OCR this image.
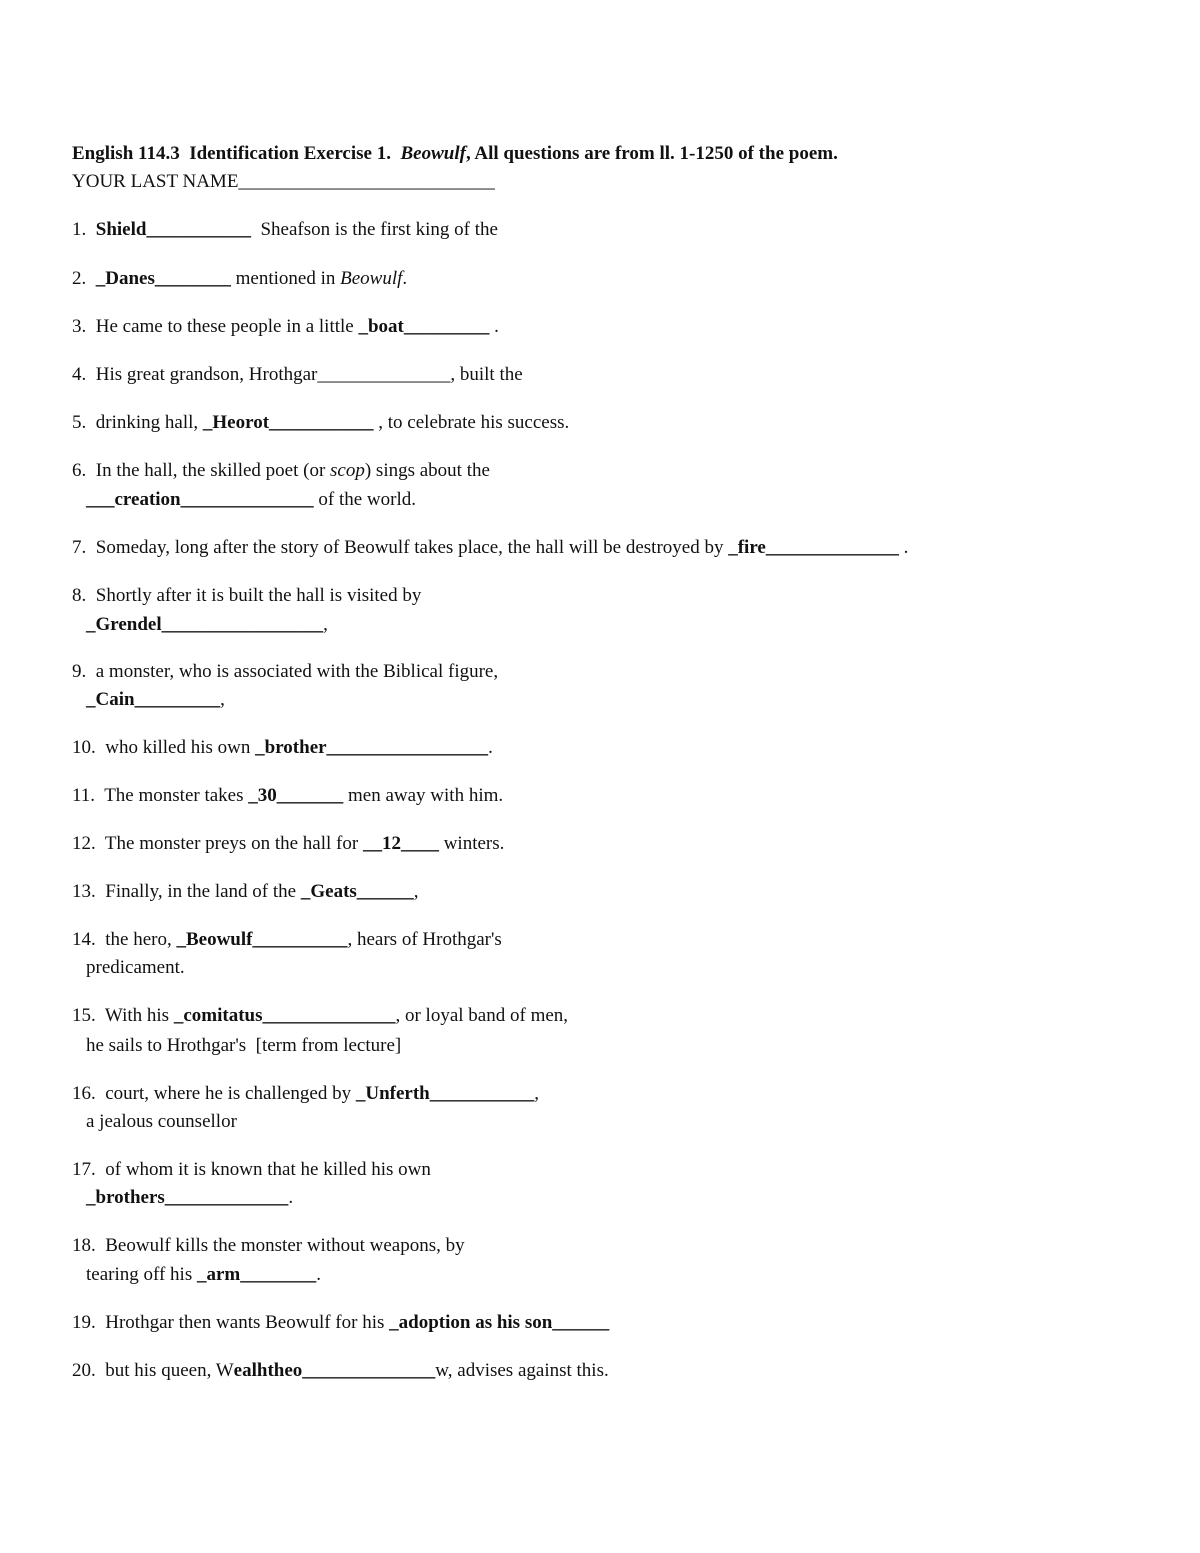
English 114.3  Identification Exercise 1.  Beowulf, All questions are from ll. 1-1250 of the poem.
YOUR LAST NAME___________________________
1.  Shield___________  Sheafson is the first king of the
2.  _Danes________ mentioned in Beowulf.
3.  He came to these people in a little _boat_________ .
4.  His great grandson, Hrothgar______________, built the
5.  drinking hall, _Heorot___________ , to celebrate his success.
6.  In the hall, the skilled poet (or scop) sings about the
___creation______________ of the world.
7.  Someday, long after the story of Beowulf takes place, the hall will be destroyed by _fire______________ .
8.  Shortly after it is built the hall is visited by
_Grendel_________________,
9.  a monster, who is associated with the Biblical figure,
_Cain_________,
10.  who killed his own _brother_________________.
11.  The monster takes _30_______ men away with him.
12.  The monster preys on the hall for __12____ winters.
13.  Finally, in the land of the _Geats______,
14.  the hero, _Beowulf__________, hears of Hrothgar's
predicament.
15.  With his _comitatus______________, or loyal band of men,
he sails to Hrothgar's  [term from lecture]
16.  court, where he is challenged by _Unferth___________,
a jealous counsellor
17.  of whom it is known that he killed his own
_brothers_____________.
18.  Beowulf kills the monster without weapons, by
tearing off his _arm________.
19.  Hrothgar then wants Beowulf for his _adoption as his son______
20.  but his queen, Wealhtheo______________w, advises against this.
